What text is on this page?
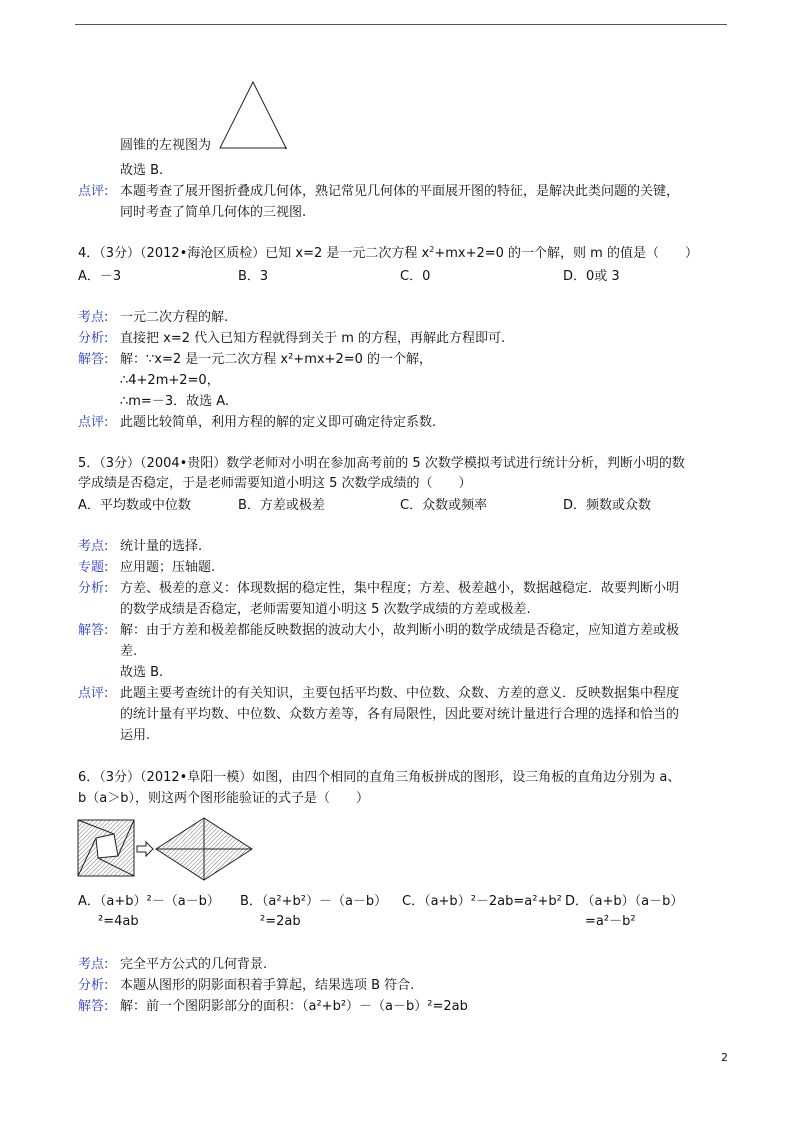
圆锥的左视图为	.
故选 B.
点评: 本题考查了展开图折叠成几何体，熟记常见几何体的平面展开图的特征，是解决此类问题的关键，
同时考查了简单几何体的三视图.
4．（3分）（2012•海沧区质检）已知 x=2 是一元二次方程 $x^2+mx+2=0$ 的一个解，则 m 的值是（　　）
A．－3	B．3	C．0	D．0或 3
考点: 一元二次方程的解.
分析: 直接把 x=2 代入已知方程就得到关于 m 的方程，再解此方程即可.
解答: 解：∵x=2 是一元二次方程 x²+mx+2=0 的一个解，
∴4+2m+2=0，
∴m=－3．故选 A.
点评: 此题比较简单，利用方程的解的定义即可确定待定系数.
5．（3分）（2004•贵阳）数学老师对小明在参加高考前的 5 次数学模拟考试进行统计分析，判断小明的数
学成绩是否稳定，于是老师需要知道小明这 5 次数学成绩的（　　）
A．平均数或中位数	B．方差或极差	C．众数或频率	D．频数或众数
考点: 统计量的选择.
专题: 应用题；压轴题.
分析: 方差、极差的意义：体现数据的稳定性，集中程度；方差、极差越小，数据越稳定．故要判断小明
的数学成绩是否稳定，老师需要知道小明这 5 次数学成绩的方差或极差.
解答: 解：由于方差和极差都能反映数据的波动大小，故判断小明的数学成绩是否稳定，应知道方差或极
差.
故选 B.
点评: 此题主要考查统计的有关知识，主要包括平均数、中位数、众数、方差的意义．反映数据集中程度
的统计量有平均数、中位数、众数方差等，各有局限性，因此要对统计量进行合理的选择和恰当的
运用.
6．（3分）（2012•阜阳一模）如图，由四个相同的直角三角板拼成的图形，设三角板的直角边分别为 a、
b（a＞b），则这两个图形能验证的式子是（　　）
A．（a+b）²－（a－b）
²=4ab
B．（a²+b²）－（a－b）
²=2ab
C．（a+b）²－2ab=a²+b² D．（a+b）（a－b）
=a²－b²
考点: 完全平方公式的几何背景.
分析: 本题从图形的阴影面积着手算起，结果选项 B 符合.
解答: 解：前一个图阴影部分的面积：（a²+b²）－（a－b）²=2ab
2
